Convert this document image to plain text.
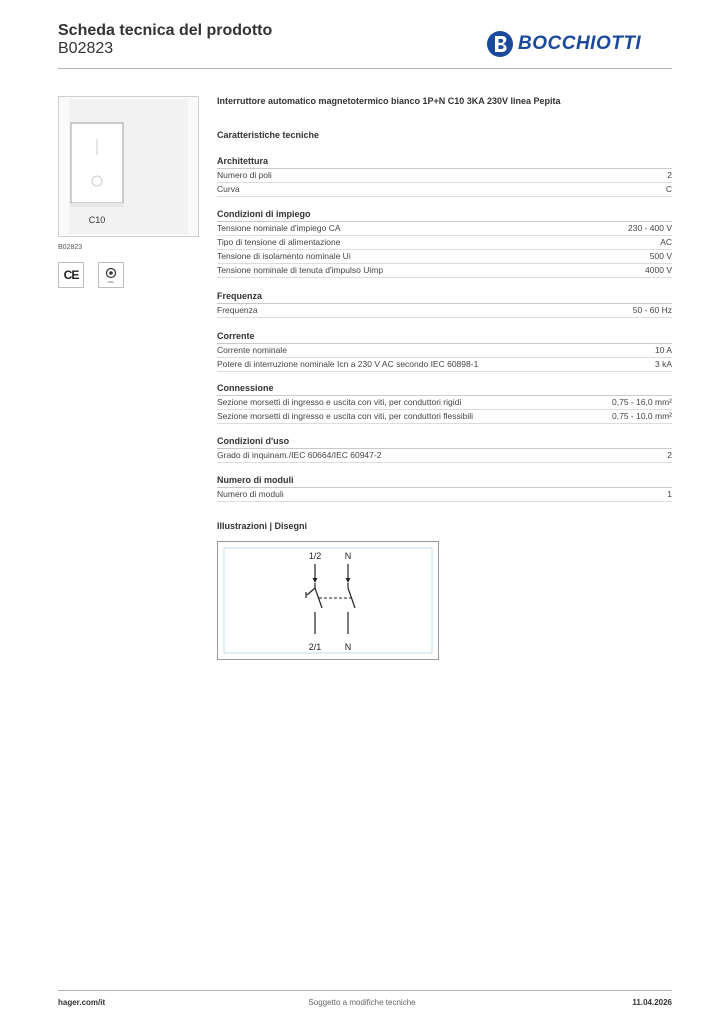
Scheda tecnica del prodotto
B02823	BOCCHIOTTI
C10
B02823
CE	IMQ
Interruttore automatico magnetotermico bianco 1P+N C10 3KA 230V linea Pepita
Caratteristiche tecniche
Architettura
Numero di poli	2
Curva	C
Condizioni di impiego
Tensione nominale d'impiego CA	230 - 400 V
Tipo di tensione di alimentazione	AC
Tensione di isolamento nominale Ui	500 V
Tensione nominale di tenuta d'impulso Uimp	4000 V
Frequenza
Frequenza	50 - 60 Hz
Corrente
Corrente nominale	10 A
Potere di interruzione nominale Icn a 230 V AC secondo IEC 60898-1	3 kA
Connessione
Sezione morsetti di ingresso e uscita con viti, per conduttori rigidi	0,75 - 16,0 mm²
Sezione morsetti di ingresso e uscita con viti, per conduttori flessibili	0,75 - 10,0 mm²
Condizioni d'uso
Grado di inquinam./IEC 60664/IEC 60947-2	2
Numero di moduli
Numero di moduli	1
Illustrazioni | Disegni
1/2	N
2/1	N
hager.com/it	Soggetto a modifiche tecniche	11.04.2026
